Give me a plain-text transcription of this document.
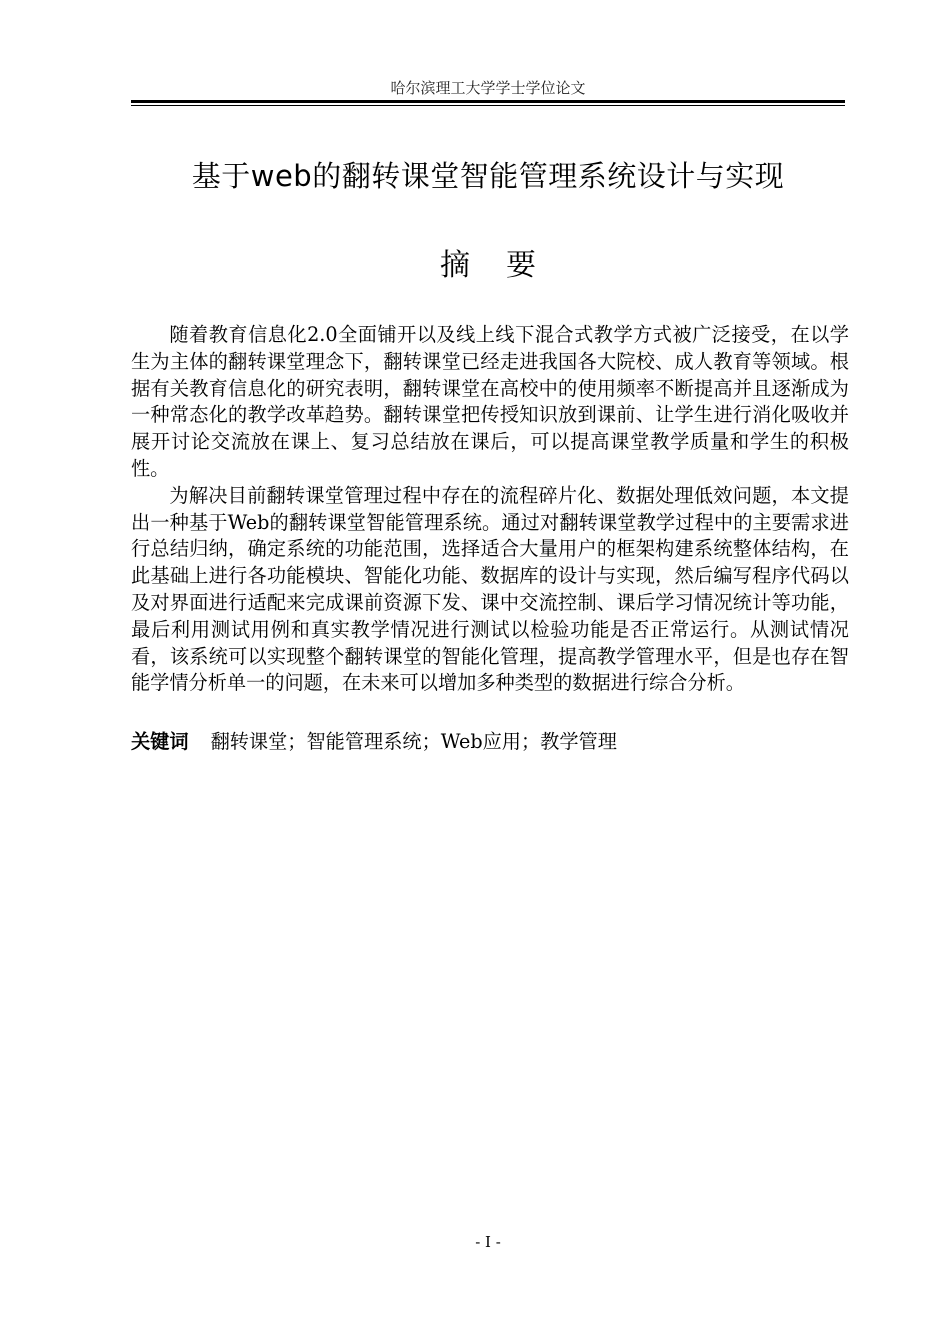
哈尔滨理工大学学士学位论文
基于web的翻转课堂智能管理系统设计与实现
摘 要

随着教育信息化2.0全面铺开以及线上线下混合式教学方式被广泛接受，在以学生为主体的翻转课堂理念下，翻转课堂已经走进我国各大院校、成人教育等领域。根据有关教育信息化的研究表明，翻转课堂在高校中的使用频率不断提高并且逐渐成为一种常态化的教学改革趋势。翻转课堂把传授知识放到课前、让学生进行消化吸收并展开讨论交流放在课上、复习总结放在课后，可以提高课堂教学质量和学生的积极性。

为解决目前翻转课堂管理过程中存在的流程碎片化、数据处理低效问题，本文提出一种基于Web的翻转课堂智能管理系统。通过对翻转课堂教学过程中的主要需求进行总结归纳，确定系统的功能范围，选择适合大量用户的框架构建系统整体结构，在此基础上进行各功能模块、智能化功能、数据库的设计与实现，然后编写程序代码以及对界面进行适配来完成课前资源下发、课中交流控制、课后学习情况统计等功能，最后利用测试用例和真实教学情况进行测试以检验功能是否正常运行。从测试情况看，该系统可以实现整个翻转课堂的智能化管理，提高教学管理水平，但是也存在智能学情分析单一的问题，在未来可以增加多种类型的数据进行综合分析。

关键词 翻转课堂；智能管理系统；Web应用；教学管理
- I -
